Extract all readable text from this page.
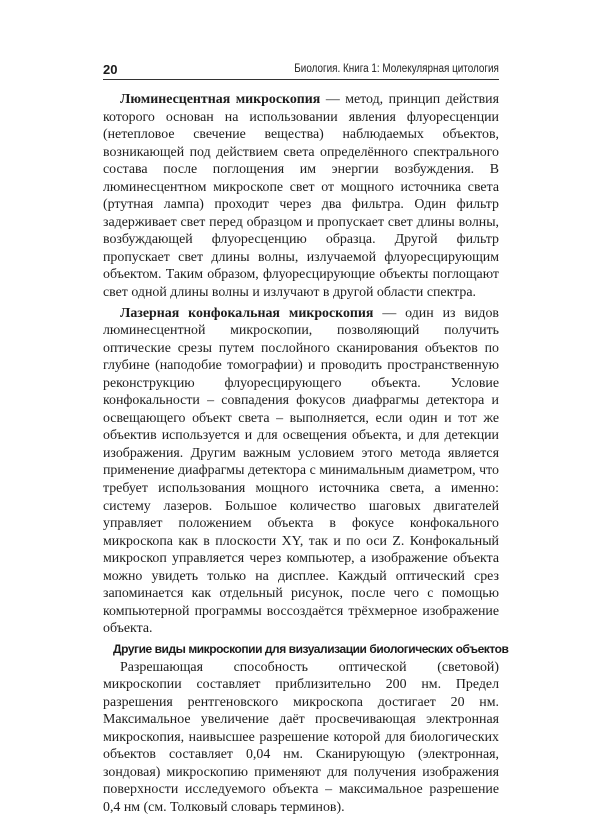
20	Биология. Книга 1: Молекулярная цитология

Люминесцентная микроскопия — метод, принцип действия которого основан на использовании явления флуоресценции (нетепловое свечение вещества) наблюдаемых объектов, возникающей под действием света определённого спектрального состава после поглощения им энергии возбуждения. В люминесцентном микроскопе свет от мощного источника света (ртутная лампа) проходит через два фильтра. Один фильтр задерживает свет перед образцом и пропускает свет длины волны, возбуждающей флуоресценцию образца. Другой фильтр пропускает свет длины волны, излучаемой флуоресцирующим объектом. Таким образом, флуоресцирующие объекты поглощают свет одной длины волны и излучают в другой области спектра.

Лазерная конфокальная микроскопия — один из видов люминесцентной микроскопии, позволяющий получить оптические срезы путем послойного сканирования объектов по глубине (наподобие томографии) и проводить пространственную реконструкцию флуоресцирующего объекта. Условие конфокальности – совпадения фокусов диафрагмы детектора и освещающего объект света – выполняется, если один и тот же объектив используется и для освещения объекта, и для детекции изображения. Другим важным условием этого метода является применение диафрагмы детектора с минимальным диаметром, что требует использования мощного источника света, а именно: систему лазеров. Большое количество шаговых двигателей управляет положением объекта в фокусе конфокального микроскопа как в плоскости XY, так и по оси Z. Конфокальный микроскоп управляется через компьютер, а изображение объекта можно увидеть только на дисплее. Каждый оптический срез запоминается как отдельный рисунок, после чего с помощью компьютерной программы воссоздаётся трёхмерное изображение объекта.

Другие виды микроскопии для визуализации биологических объектов

Разрешающая способность оптической (световой) микроскопии составляет приблизительно 200 нм. Предел разрешения рентгеновского микроскопа достигает 20 нм. Максимальное увеличение даёт просвечивающая электронная микроскопия, наивысшее разрешение которой для биологических объектов составляет 0,04 нм. Сканирующую (электронная, зондовая) микроскопию применяют для получения изображения поверхности исследуемого объекта – максимальное разрешение 0,4 нм (см. Толковый словарь терминов).
